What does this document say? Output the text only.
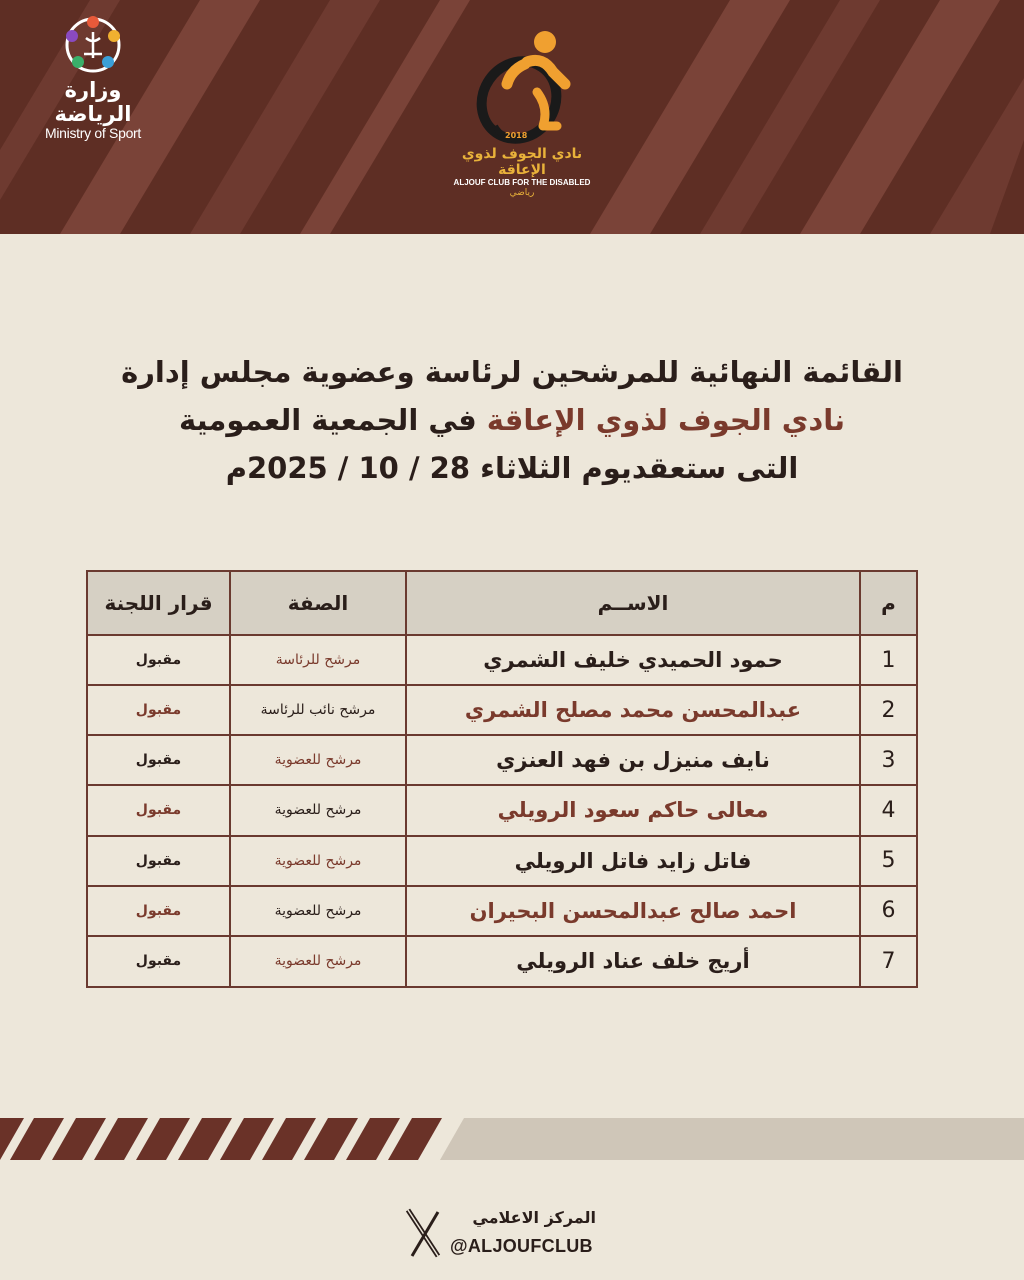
وزارة الرياضة
Ministry of Sport	2018
نادي الجوف لذوي الإعاقة
ALJOUF CLUB FOR THE DISABLED
رياضي
القائمة النهائية للمرشحين لرئاسة وعضوية مجلس إدارة
نادي الجوف لذوي الإعاقة في الجمعية العمومية
التى ستعقديوم الثلاثاء 28 / 10 / 2025م
م	الاســم	الصفة	قرار اللجنة
1	حمود الحميدي خليف الشمري	مرشح للرئاسة	مقبول
2	عبدالمحسن محمد مصلح الشمري	مرشح نائب للرئاسة	مقبول
3	نايف منيزل بن فهد العنزي	مرشح للعضوية	مقبول
4	معالى حاكم سعود الرويلي	مرشح للعضوية	مقبول
5	فاتل زايد فاتل الرويلي	مرشح للعضوية	مقبول
6	احمد صالح عبدالمحسن البحيران	مرشح للعضوية	مقبول
7	أريج خلف عناد الرويلي	مرشح للعضوية	مقبول
المركز الاعلامي
@ALJOUFCLUB
